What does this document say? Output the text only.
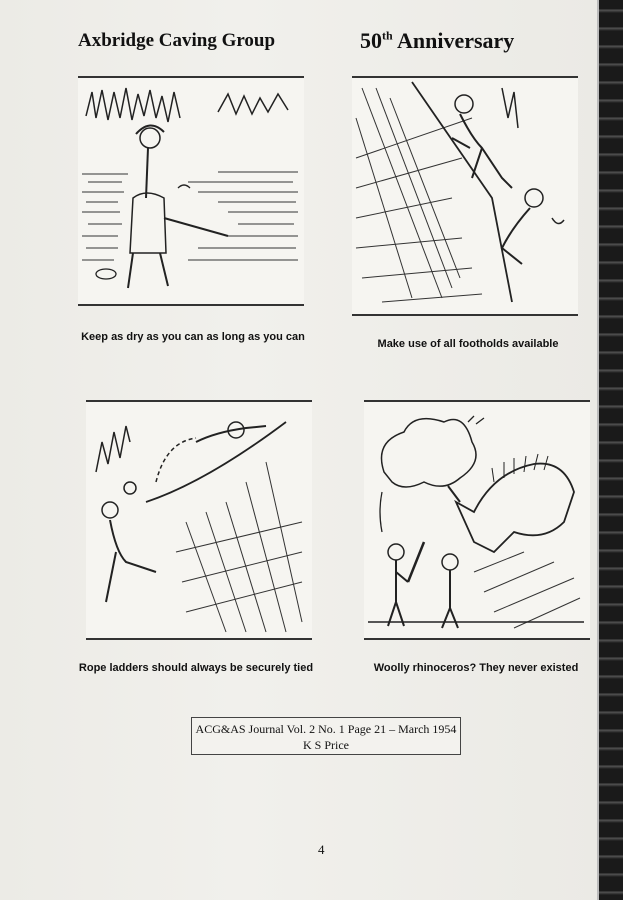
Axbridge Caving Group	50th Anniversary
Keep as dry as you can as long as you can
Make use of all footholds available
Rope ladders should always be securely tied	Woolly rhinoceros? They never existed
ACG&AS Journal Vol. 2 No. 1 Page 21 – March 1954
K S Price
4
